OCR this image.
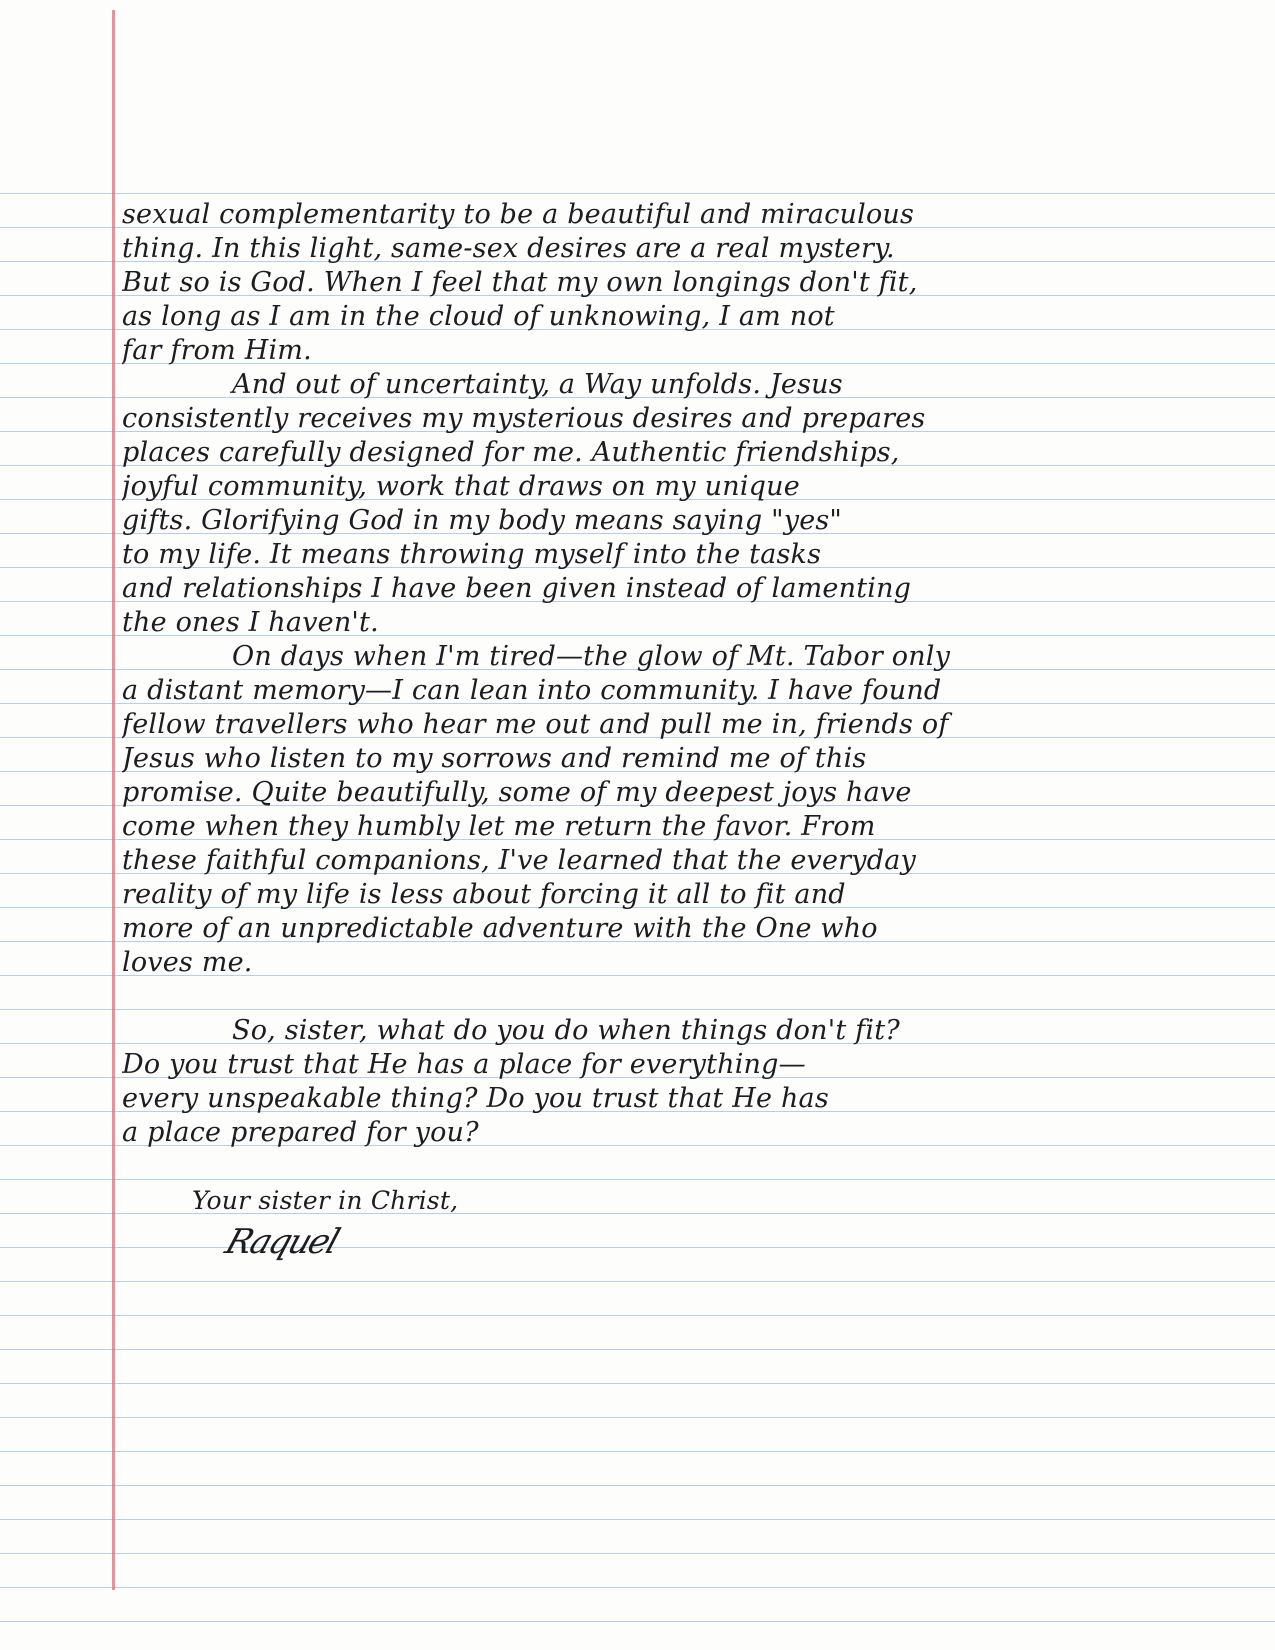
sexual complementarity to be a beautiful and miraculous
thing. In this light, same-sex desires are a real mystery.
But so is God. When I feel that my own longings don't fit,
as long as I am in the cloud of unknowing, I am not
far from Him.
And out of uncertainty, a Way unfolds. Jesus
consistently receives my mysterious desires and prepares
places carefully designed for me. Authentic friendships,
joyful community, work that draws on my unique
gifts. Glorifying God in my body means saying "yes"
to my life. It means throwing myself into the tasks
and relationships I have been given instead of lamenting
the ones I haven't.
On days when I'm tired—the glow of Mt. Tabor only
a distant memory—I can lean into community. I have found
fellow travellers who hear me out and pull me in, friends of
Jesus who listen to my sorrows and remind me of this
promise. Quite beautifully, some of my deepest joys have
come when they humbly let me return the favor. From
these faithful companions, I've learned that the everyday
reality of my life is less about forcing it all to fit and
more of an unpredictable adventure with the One who
loves me.
So, sister, what do you do when things don't fit?
Do you trust that He has a place for everything—
every unspeakable thing? Do you trust that He has
a place prepared for you?
Your sister in Christ,
Raquel
